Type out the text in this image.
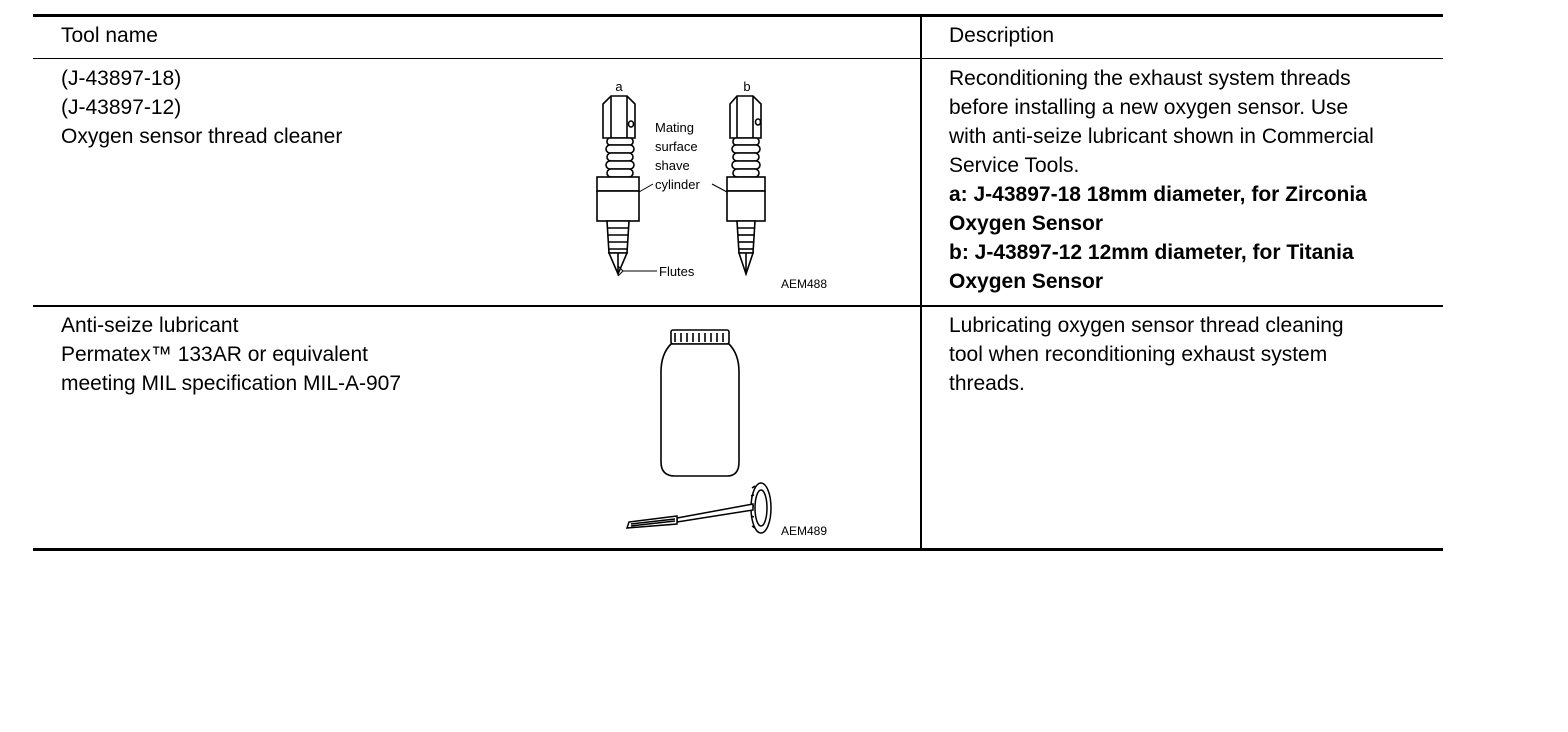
Tool name	Description
(J-43897-18)
(J-43897-12)
Oxygen sensor thread cleaner
a	b
Mating
surface
shave
cylinder
Flutes
AEM488
Reconditioning the exhaust system threads
before installing a new oxygen sensor. Use
with anti-seize lubricant shown in Commercial
Service Tools.
a: J-43897-18 18mm diameter, for Zirconia
Oxygen Sensor
b: J-43897-12 12mm diameter, for Titania
Oxygen Sensor
Anti-seize lubricant
Permatex™ 133AR or equivalent
meeting MIL specification MIL-A-907
AEM489
Lubricating oxygen sensor thread cleaning
tool when reconditioning exhaust system
threads.
